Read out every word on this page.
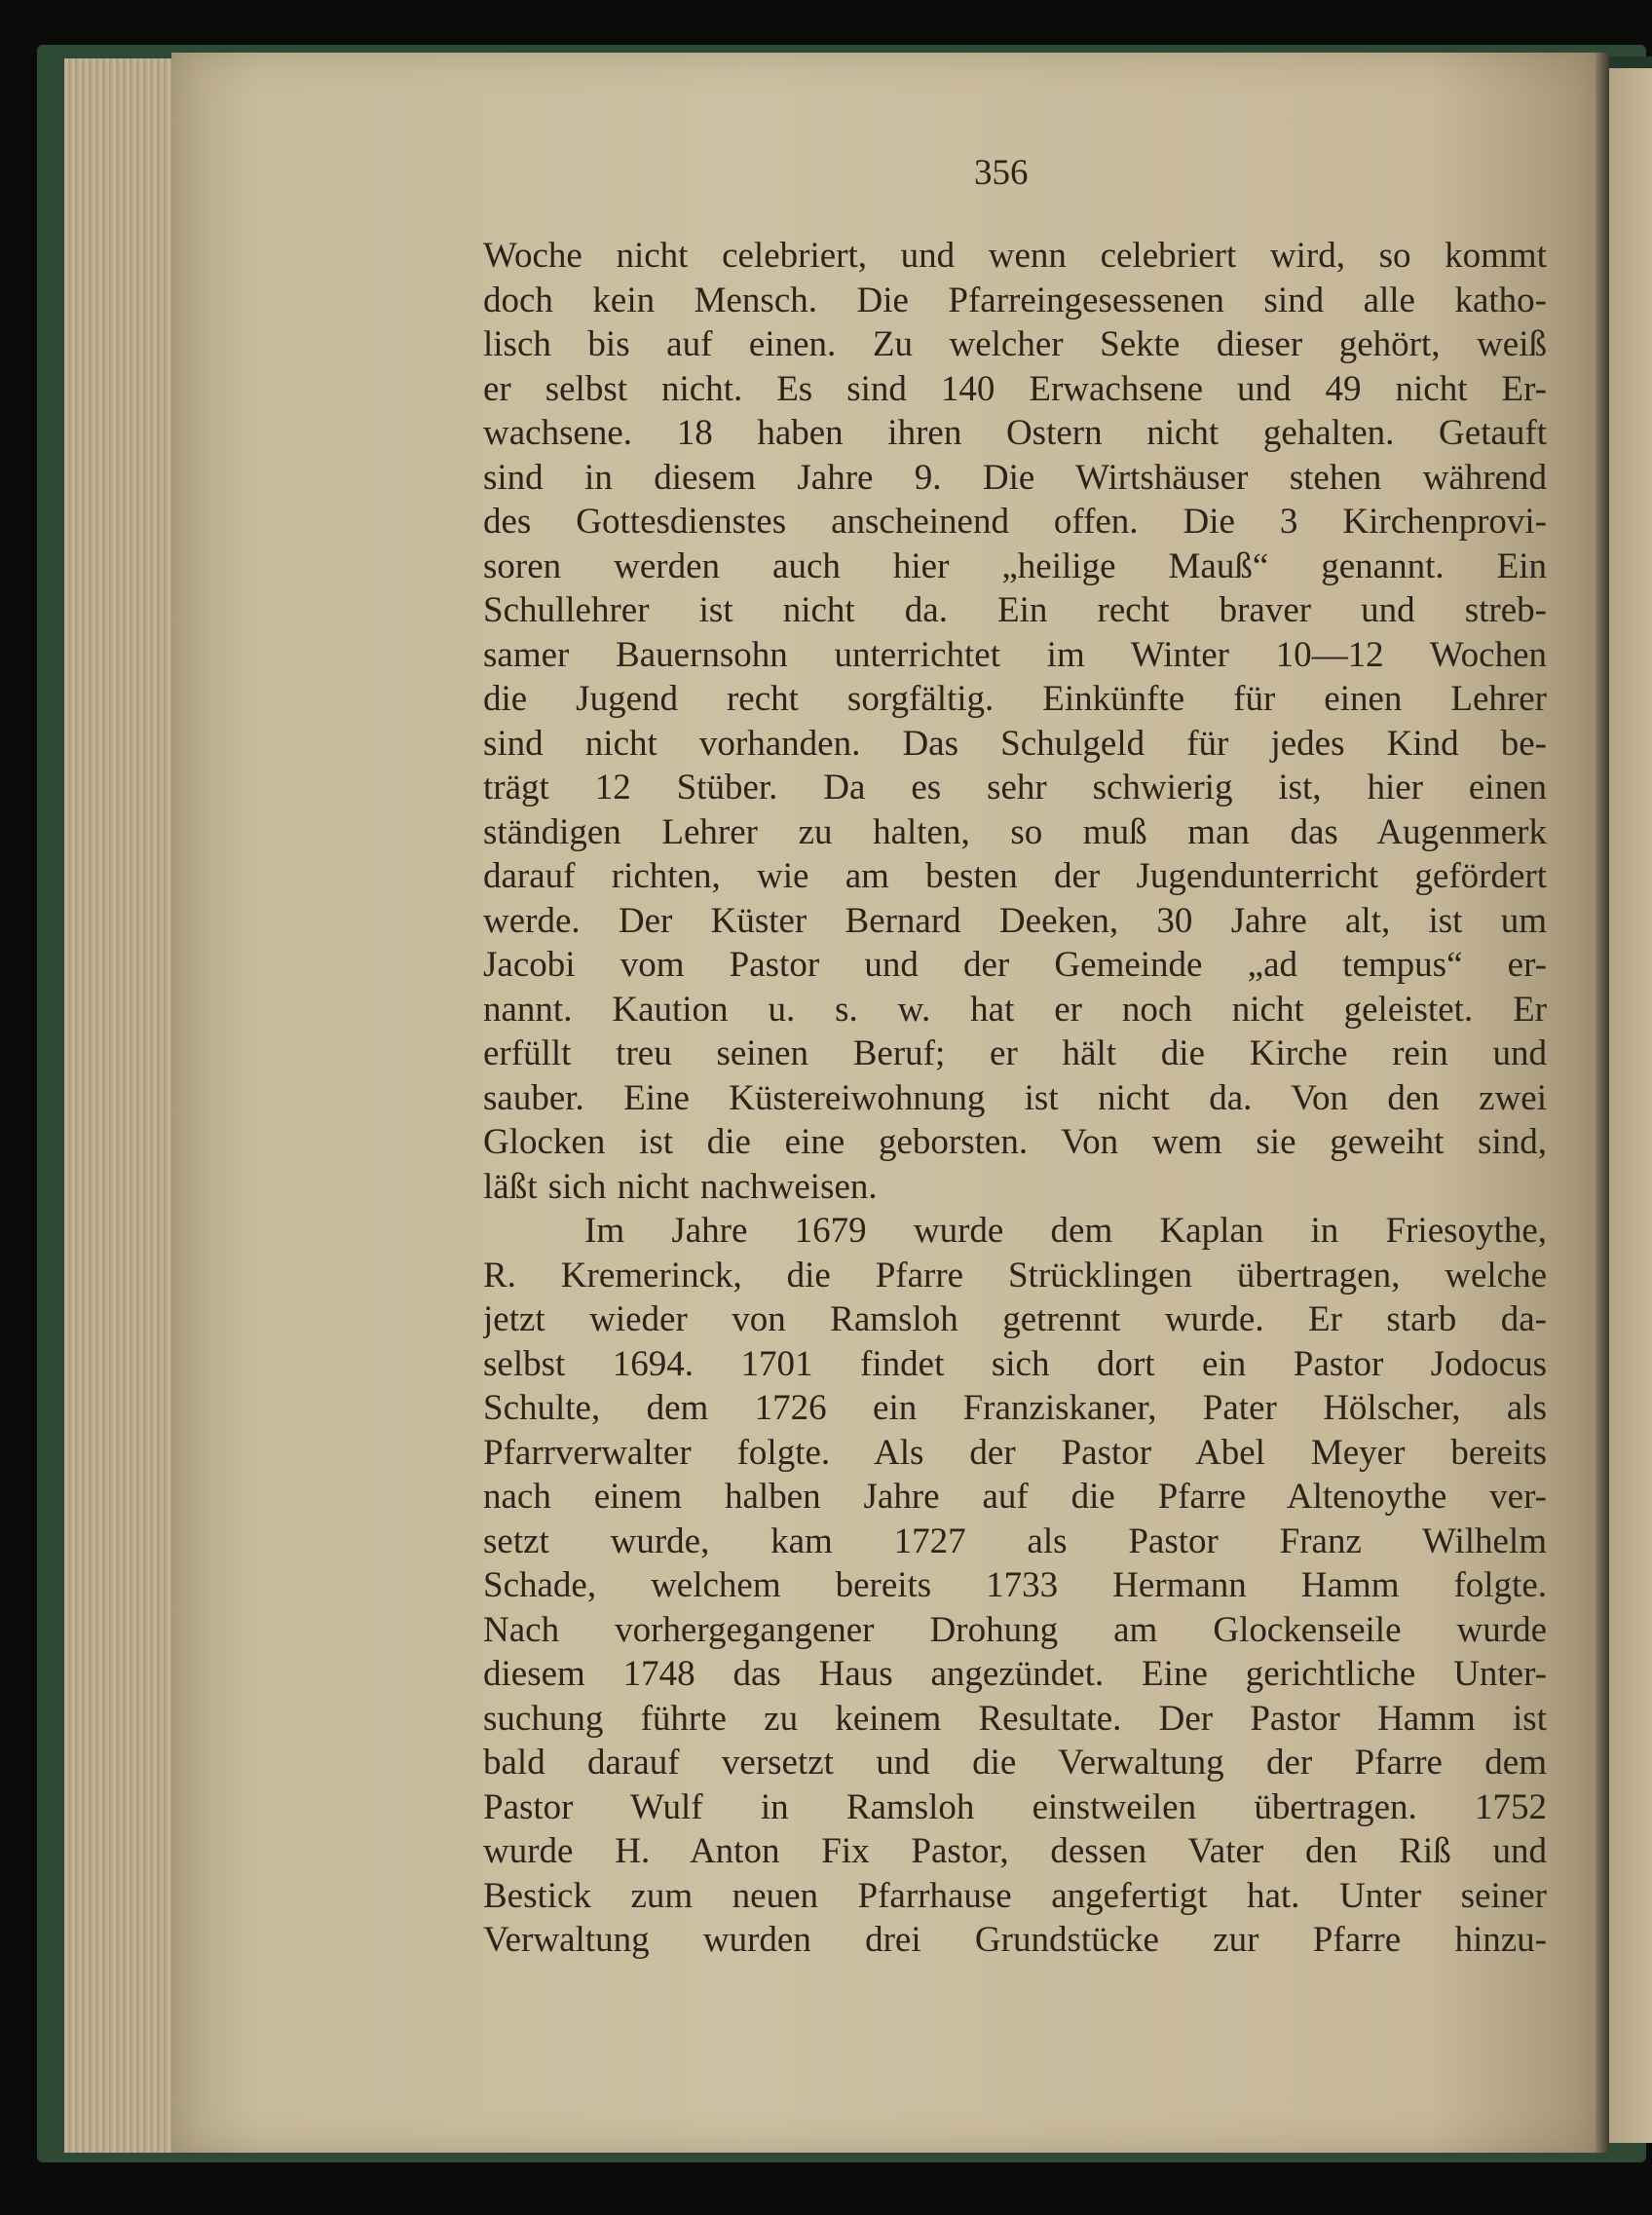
356
Woche nicht celebriert, und wenn celebriert wird, so kommt
doch kein Mensch. Die Pfarreingesessenen sind alle katho-
lisch bis auf einen. Zu welcher Sekte dieser gehört, weiß
er selbst nicht. Es sind 140 Erwachsene und 49 nicht Er-
wachsene. 18 haben ihren Ostern nicht gehalten. Getauft
sind in diesem Jahre 9. Die Wirtshäuser stehen während
des Gottesdienstes anscheinend offen. Die 3 Kirchenprovi-
soren werden auch hier „heilige Mauß“ genannt. Ein
Schullehrer ist nicht da. Ein recht braver und streb-
samer Bauernsohn unterrichtet im Winter 10—12 Wochen
die Jugend recht sorgfältig. Einkünfte für einen Lehrer
sind nicht vorhanden. Das Schulgeld für jedes Kind be-
trägt 12 Stüber. Da es sehr schwierig ist, hier einen
ständigen Lehrer zu halten, so muß man das Augenmerk
darauf richten, wie am besten der Jugendunterricht gefördert
werde. Der Küster Bernard Deeken, 30 Jahre alt, ist um
Jacobi vom Pastor und der Gemeinde „ad tempus“ er-
nannt. Kaution u. s. w. hat er noch nicht geleistet. Er
erfüllt treu seinen Beruf; er hält die Kirche rein und
sauber. Eine Küstereiwohnung ist nicht da. Von den zwei
Glocken ist die eine geborsten. Von wem sie geweiht sind,
läßt sich nicht nachweisen.
Im Jahre 1679 wurde dem Kaplan in Friesoythe,
R. Kremerinck, die Pfarre Strücklingen übertragen, welche
jetzt wieder von Ramsloh getrennt wurde. Er starb da-
selbst 1694. 1701 findet sich dort ein Pastor Jodocus
Schulte, dem 1726 ein Franziskaner, Pater Hölscher, als
Pfarrverwalter folgte. Als der Pastor Abel Meyer bereits
nach einem halben Jahre auf die Pfarre Altenoythe ver-
setzt wurde, kam 1727 als Pastor Franz Wilhelm
Schade, welchem bereits 1733 Hermann Hamm folgte.
Nach vorhergegangener Drohung am Glockenseile wurde
diesem 1748 das Haus angezündet. Eine gerichtliche Unter-
suchung führte zu keinem Resultate. Der Pastor Hamm ist
bald darauf versetzt und die Verwaltung der Pfarre dem
Pastor Wulf in Ramsloh einstweilen übertragen. 1752
wurde H. Anton Fix Pastor, dessen Vater den Riß und
Bestick zum neuen Pfarrhause angefertigt hat. Unter seiner
Verwaltung wurden drei Grundstücke zur Pfarre hinzu-
